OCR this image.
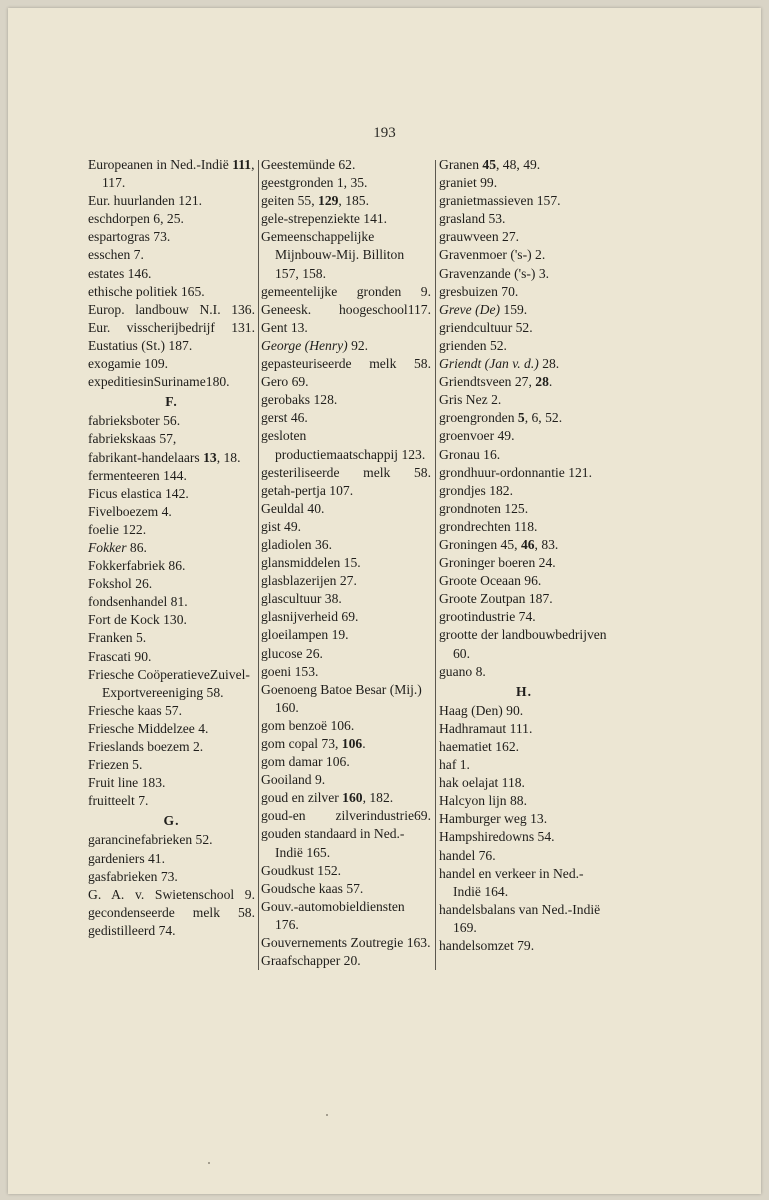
193
Europeanen in Ned.-Indië 111, 117.
Eur. huurlanden 121.
eschdorpen 6, 25.
espartogras 73.
esschen 7.
estates 146.
ethische politiek 165.
Europ. landbouw N.I. 136.
Eur. visscherijbedrijf 131.
Eustatius (St.) 187.
exogamie 109.
expeditiesinSuriname180.
F.
fabrieksboter 56.
fabriekskaas 57,
fabrikant-handelaars 13, 18.
fermenteeren 144.
Ficus elastica 142.
Fivelboezem 4.
foelie 122.
Fokker 86.
Fokkerfabriek 86.
Fokshol 26.
fondsenhandel 81.
Fort de Kock 130.
Franken 5.
Frascati 90.
Friesche CoöperatieveZuivel-Exportvereeniging 58.
Friesche kaas 57.
Friesche Middelzee 4.
Frieslands boezem 2.
Friezen 5.
Fruit line 183.
fruitteelt 7.
G.
garancinefabrieken 52.
gardeniers 41.
gasfabrieken 73.
G. A. v. Swietenschool 9.
gecondenseerde melk 58.
gedistilleerd 74.
Geestemünde 62.
geestgronden 1, 35.
geiten 55, 129, 185.
gele-strepenziekte 141.
Gemeenschappelijke Mijnbouw-Mij. Billiton 157, 158.
gemeentelijke gronden 9.
Geneesk. hoogeschool117.
Gent 13.
George (Henry) 92.
gepasteuriseerde melk 58.
Gero 69.
gerobaks 128.
gerst 46.
gesloten productiemaatschappij 123.
gesteriliseerde melk 58.
getah-pertja 107.
Geuldal 40.
gist 49.
gladiolen 36.
glansmiddelen 15.
glasblazerijen 27.
glascultuur 38.
glasnijverheid 69.
gloeilampen 19.
glucose 26.
goeni 153.
Goenoeng Batoe Besar (Mij.) 160.
gom benzoë 106.
gom copal 73, 106.
gom damar 106.
Gooiland 9.
goud en zilver 160, 182.
goud-en zilverindustrie69.
gouden standaard in Ned.-Indië 165.
Goudkust 152.
Goudsche kaas 57.
Gouv.-automobieldiensten 176.
Gouvernements Zoutregie 163.
Graafschapper 20.
Granen 45, 48, 49.
graniet 99.
granietmassieven 157.
grasland 53.
grauwveen 27.
Gravenmoer ('s-) 2.
Gravenzande ('s-) 3.
gresbuizen 70.
Greve (De) 159.
griendcultuur 52.
grienden 52.
Griendt (Jan v. d.) 28.
Griendtsveen 27, 28.
Gris Nez 2.
groengronden 5, 6, 52.
groenvoer 49.
Gronau 16.
grondhuur-ordonnantie 121.
grondjes 182.
grondnoten 125.
grondrechten 118.
Groningen 45, 46, 83.
Groninger boeren 24.
Groote Oceaan 96.
Groote Zoutpan 187.
grootindustrie 74.
grootte der landbouwbedrijven 60.
guano 8.
H.
Haag (Den) 90.
Hadhramaut 111.
haematiet 162.
haf 1.
hak oelajat 118.
Halcyon lijn 88.
Hamburger weg 13.
Hampshiredowns 54.
handel 76.
handel en verkeer in Ned.-Indië 164.
handelsbalans van Ned.-Indië 169.
handelsomzet 79.
